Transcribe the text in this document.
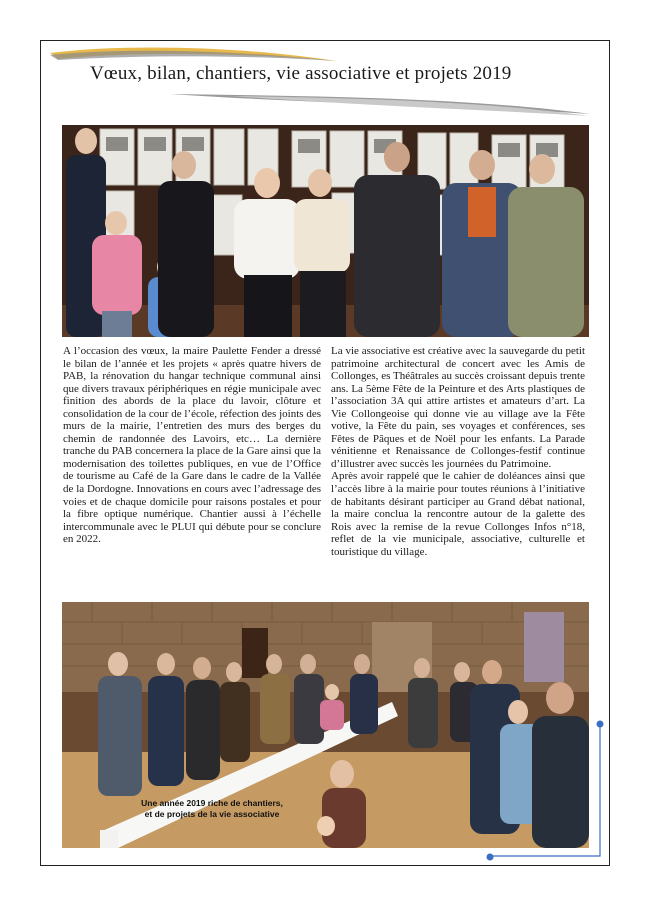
Vœux, bilan, chantiers, vie associative et projets 2019

A l’occasion des vœux, la maire Paulette Fender a dressé le bilan de l’année et les projets « après quatre hivers de PAB, la rénovation du hangar technique communal ainsi que divers travaux périphériques en régie municipale avec finition des abords de la place du lavoir, clôture et consolidation de la cour de l’école, réfection des joints des murs de la mairie, l’entretien des murs des berges du chemin de randonnée des Lavoirs, etc… La dernière tranche du PAB concernera la place de la Gare ainsi que la modernisation des toilettes publiques, en vue de l’Office de tourisme au Café de la Gare dans le cadre de la Vallée de la Dordogne. Innovations en cours avec l’adressage des voies et de chaque domicile pour raisons postales et pour la fibre optique numérique. Chantier aussi à l’échelle intercommunale avec le PLUI qui débute pour se conclure en 2022.

La vie associative est créative avec la sauvegarde du petit patrimoine architectural de concert avec les Amis de Collonges, es Théâtrales au succès croissant depuis trente ans. La 5ème Fête de la Peinture et des Arts plastiques de l’association 3A qui attire artistes et amateurs d’art. La Vie Collongeoise qui donne vie au village ave la Fête votive, la Fête du pain, ses voyages et conférences, ses Fêtes de Pâques et de Noël pour les enfants. La Parade vénitienne et Renaissance de Collonges-festif continue d’illustrer avec succès les journées du Patrimoine.

Après avoir rappelé que le cahier de doléances ainsi que l’accès libre à la mairie pour toutes réunions à l’initiative de habitants désirant participer au Grand débat national, la maire conclua la rencontre autour de la galette des Rois avec la remise de la revue Collonges Infos n°18, reflet de la vie municipale, associative, culturelle et touristique du village.

Une année 2019 riche de chantiers,
et de projets de la vie associative
